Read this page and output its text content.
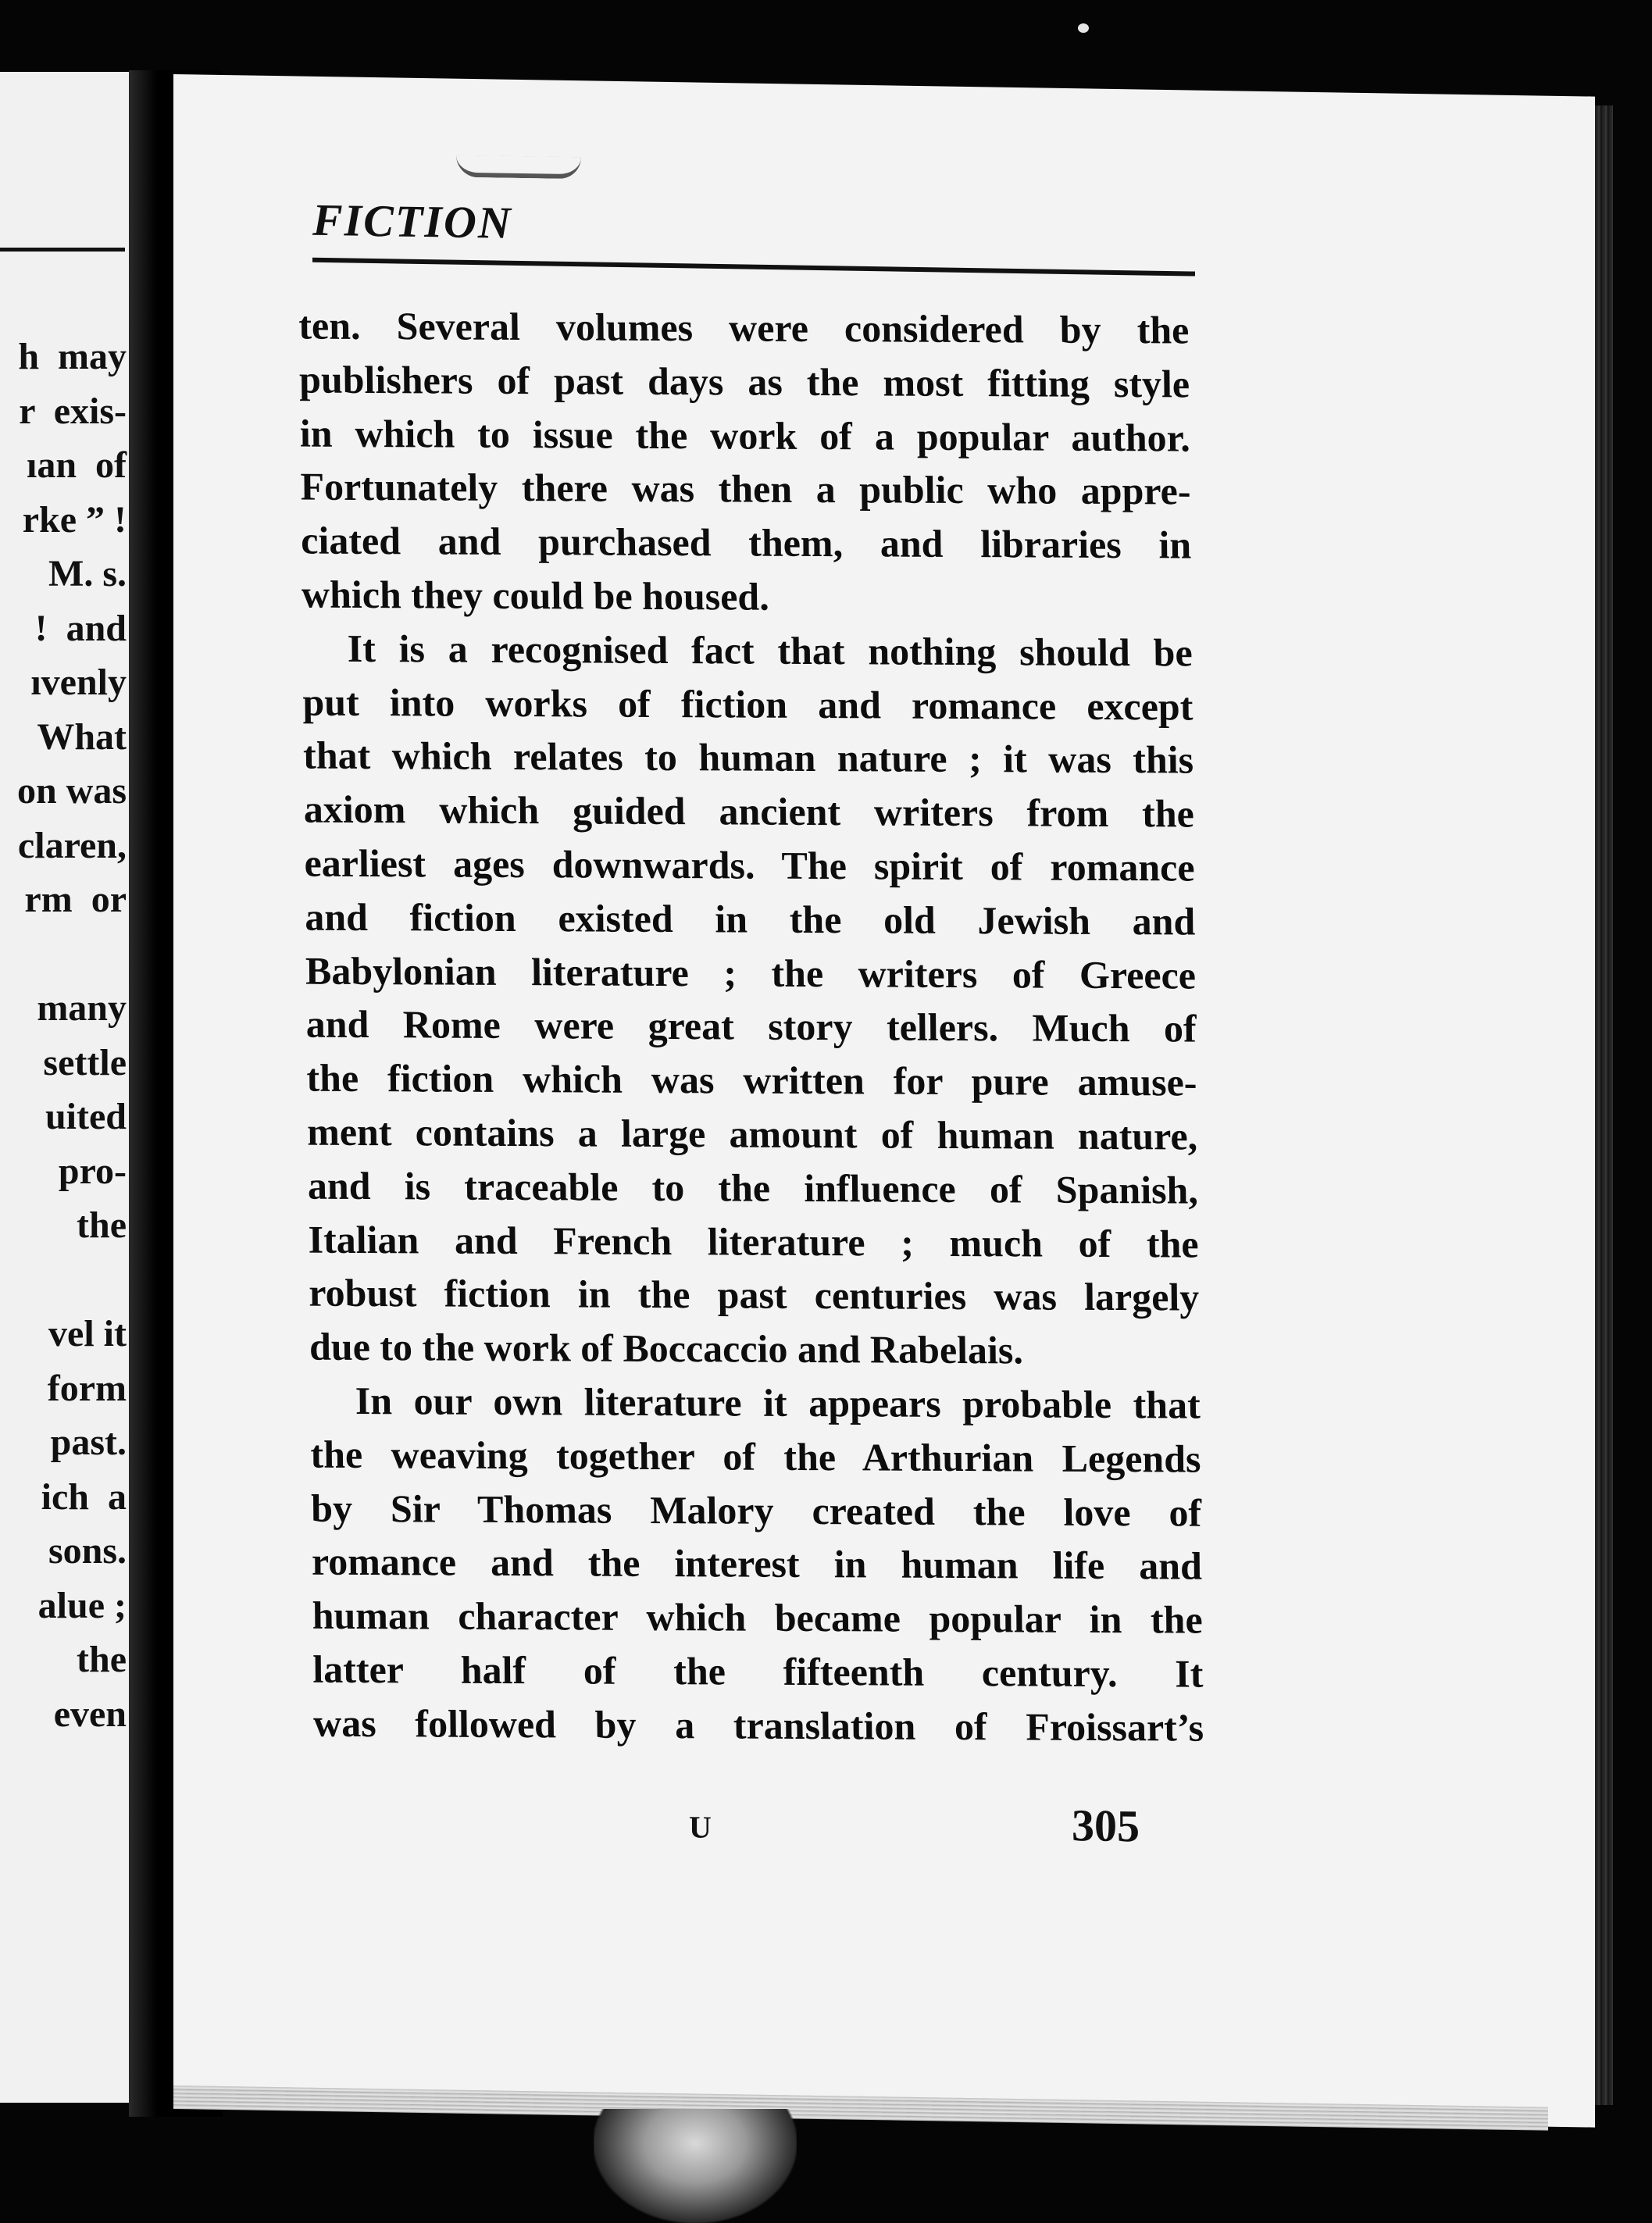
h  may
r  exis-
ıan  of
rke ” !
M. s.
!  and
ıvenly
What
on was
claren,
rm  or
many
settle
uited
pro-
the
vel it
form
past.
ich  a
sons.
alue ;
the
even
FICTION
ten. Several volumes were considered by the
publishers of past days as the most fitting style
in which to issue the work of a popular author.
Fortunately there was then a public who appre-
ciated and purchased them, and libraries in
which they could be housed.
It is a recognised fact that nothing should be
put into works of fiction and romance except
that which relates to human nature ; it was this
axiom which guided ancient writers from the
earliest ages downwards. The spirit of romance
and fiction existed in the old Jewish and
Babylonian literature ; the writers of Greece
and Rome were great story tellers. Much of
the fiction which was written for pure amuse-
ment contains a large amount of human nature,
and is traceable to the influence of Spanish,
Italian and French literature ; much of the
robust fiction in the past centuries was largely
due to the work of Boccaccio and Rabelais.
In our own literature it appears probable that
the weaving together of the Arthurian Legends
by Sir Thomas Malory created the love of
romance and the interest in human life and
human character which became popular in the
latter half of the fifteenth century. It
was followed by a translation of Froissart’s
U	305
